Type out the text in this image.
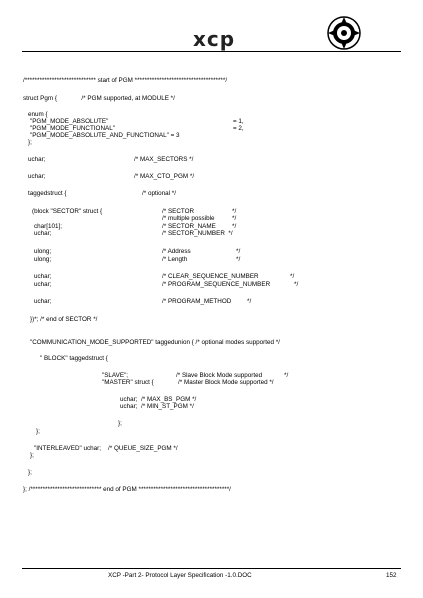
xcp
/***************************** start of PGM *************************************/
struct Pgm {              /* PGM supported, at MODULE */
enum {
"PGM_MODE_ABSOLUTE"	= 1,
"PGM_MODE_FUNCTIONAL"	= 2,
"PGM_MODE_ABSOLUTE_AND_FUNCTIONAL" = 3
};
uchar;	/* MAX_SECTORS */
uchar;	/* MAX_CTO_PGM */
taggedstruct {	/* optional */
(block "SECTOR" struct {	/* SECTOR	*/
/* multiple possible	*/
char[101];	/* SECTOR_NAME	*/
uchar;	/* SECTOR_NUMBER  */
ulong;	/* Address	*/
ulong;	/* Length	*/
uchar;	/* CLEAR_SEQUENCE_NUMBER	*/
uchar;	/* PROGRAM_SEQUENCE_NUMBER	*/
uchar;	/* PROGRAM_METHOD */
})*; /* end of SECTOR */
"COMMUNICATION_MODE_SUPPORTED" taggedunion { /* optional modes supported */
" BLOCK" taggedstruct {
"SLAVE";	/* Slave Block Mode supported	*/
"MASTER" struct {	/* Master Block Mode supported */
uchar;  /* MAX_BS_PGM */
uchar;  /* MIN_ST_PGM */
};
};
"INTERLEAVED" uchar;    /* QUEUE_SIZE_PGM */
};
};
}; /***************************** end of PGM *************************************/
XCP -Part 2- Protocol Layer Specification -1.0.DOC	152
